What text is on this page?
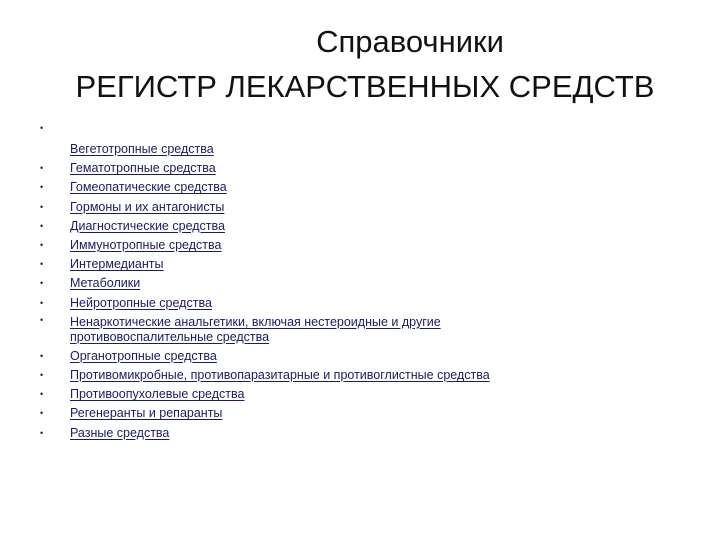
Справочники
РЕГИСТР ЛЕКАРСТВЕННЫХ СРЕДСТВ
•
Вегетотропные средства
•	Гематотропные средства
•	Гомеопатические средства
•	Гормоны и их антагонисты
•	Диагностические средства
•	Иммунотропные средства
•	Интермедианты
•	Метаболики
•	Нейротропные средства
•	Ненаркотические анальгетики, включая нестероидные и другие противовоспалительные средства
•	Органотропные средства
•	Противомикробные, противопаразитарные и противоглистные средства
•	Противоопухолевые средства
•	Регенеранты и репаранты
•	Разные средства
